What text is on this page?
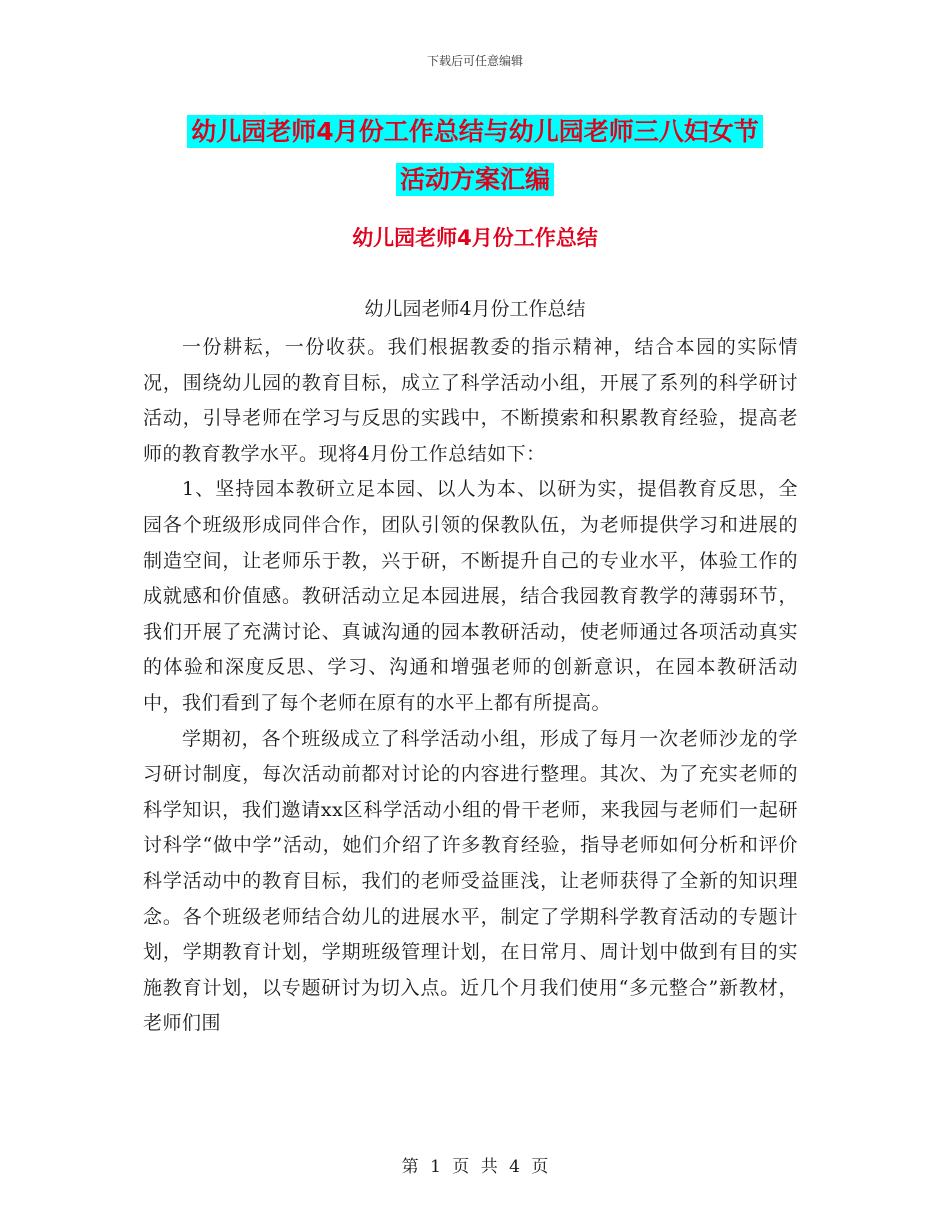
下载后可任意编辑
幼儿园老师4月份工作总结与幼儿园老师三八妇女节
活动方案汇编
幼儿园老师4月份工作总结
幼儿园老师4月份工作总结

一份耕耘，一份收获。我们根据教委的指示精神，结合本园的实际情况，围绕幼儿园的教育目标，成立了科学活动小组，开展了系列的科学研讨活动，引导老师在学习与反思的实践中，不断摸索和积累教育经验，提高老师的教育教学水平。现将4月份工作总结如下：

1、坚持园本教研立足本园、以人为本、以研为实，提倡教育反思，全园各个班级形成同伴合作，团队引领的保教队伍，为老师提供学习和进展的制造空间，让老师乐于教，兴于研，不断提升自己的专业水平，体验工作的成就感和价值感。教研活动立足本园进展，结合我园教育教学的薄弱环节，我们开展了充满讨论、真诚沟通的园本教研活动，使老师通过各项活动真实的体验和深度反思、学习、沟通和增强老师的创新意识，在园本教研活动中，我们看到了每个老师在原有的水平上都有所提高。

学期初，各个班级成立了科学活动小组，形成了每月一次老师沙龙的学习研讨制度，每次活动前都对讨论的内容进行整理。其次、为了充实老师的科学知识，我们邀请xx区科学活动小组的骨干老师，来我园与老师们一起研讨科学“做中学”活动，她们介绍了许多教育经验，指导老师如何分析和评价科学活动中的教育目标，我们的老师受益匪浅，让老师获得了全新的知识理念。各个班级老师结合幼儿的进展水平，制定了学期科学教育活动的专题计划，学期教育计划，学期班级管理计划，在日常月、周计划中做到有目的实施教育计划，以专题研讨为切入点。近几个月我们使用“多元整合”新教材，老师们围

第 1 页 共 4 页
